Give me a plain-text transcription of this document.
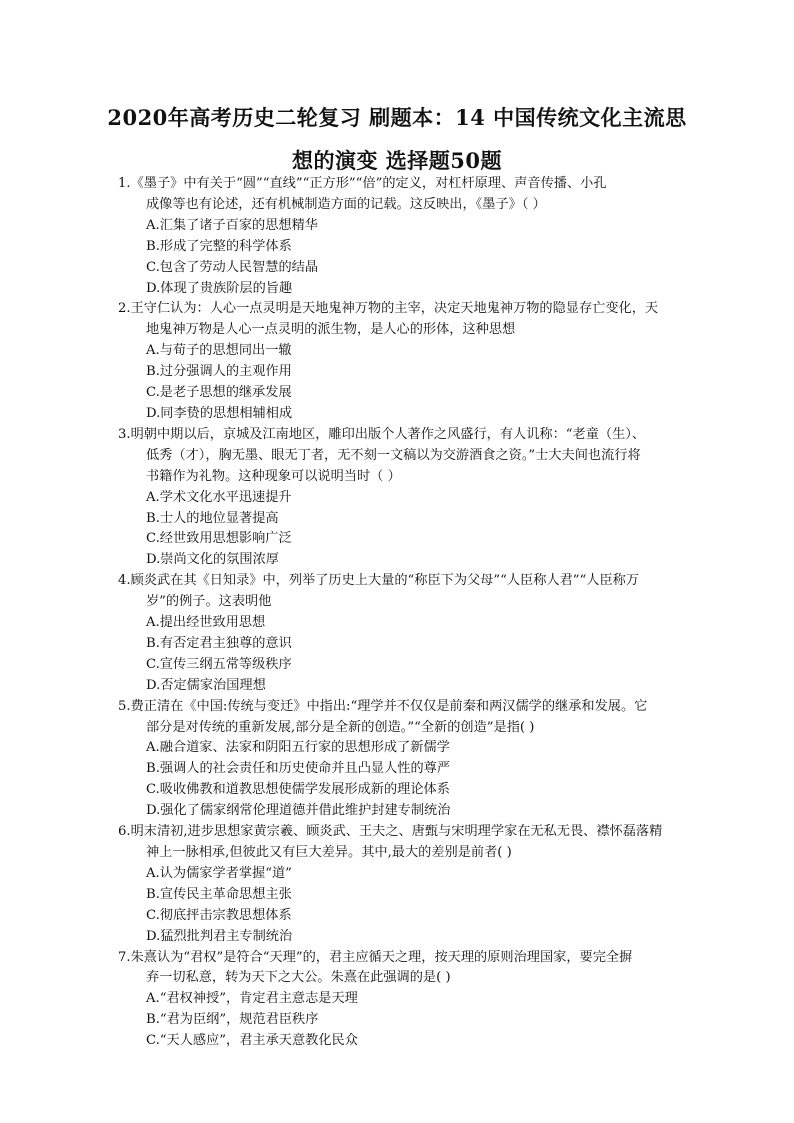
2020年高考历史二轮复习 刷题本：14 中国传统文化主流思
想的演变 选择题50题
1.《墨子》中有关于“圆”“直线”“正方形”“倍”的定义，对杠杆原理、声音传播、小孔
成像等也有论述，还有机械制造方面的记载。这反映出，《墨子》（ ）
A.汇集了诸子百家的思想精华
B.形成了完整的科学体系
C.包含了劳动人民智慧的结晶
D.体现了贵族阶层的旨趣
2.王守仁认为：人心一点灵明是天地鬼神万物的主宰，决定天地鬼神万物的隐显存亡变化，天
地鬼神万物是人心一点灵明的派生物，是人心的形体，这种思想
A.与荀子的思想同出一辙
B.过分强调人的主观作用
C.是老子思想的继承发展
D.同李贽的思想相辅相成
3.明朝中期以后，京城及江南地区，雕印出版个人著作之风盛行，有人讥称：“老童（生）、
低秀（才），胸无墨、眼无丁者，无不刻一文稿以为交游酒食之资。”士大夫间也流行将
书籍作为礼物。这种现象可以说明当时（ ）
A.学术文化水平迅速提升
B.士人的地位显著提高
C.经世致用思想影响广泛
D.崇尚文化的氛围浓厚
4.顾炎武在其《日知录》中，列举了历史上大量的“称臣下为父母”“人臣称人君”“人臣称万
岁”的例子。这表明他
A.提出经世致用思想
B.有否定君主独尊的意识
C.宣传三纲五常等级秩序
D.否定儒家治国理想
5.费正清在《中国:传统与变迁》中指出:“理学并不仅仅是前秦和两汉儒学的继承和发展。它
部分是对传统的重新发展,部分是全新的创造。”“全新的创造”是指( )
A.融合道家、法家和阴阳五行家的思想形成了新儒学
B.强调人的社会责任和历史使命并且凸显人性的尊严
C.吸收佛教和道教思想使儒学发展形成新的理论体系
D.强化了儒家纲常伦理道德并借此维护封建专制统治
6.明末清初,进步思想家黄宗羲、顾炎武、王夫之、唐甄与宋明理学家在无私无畏、襟怀磊落精
神上一脉相承,但彼此又有巨大差异。其中,最大的差别是前者( )
A.认为儒家学者掌握“道”
B.宣传民主革命思想主张
C.彻底抨击宗教思想体系
D.猛烈批判君主专制统治
7.朱熹认为“君权”是符合“天理”的，君主应循天之理，按天理的原则治理国家，要完全摒
弃一切私意，转为天下之大公。朱熹在此强调的是( )
A.“君权神授”，肯定君主意志是天理
B.“君为臣纲”，规范君臣秩序
C.“天人感应”，君主承天意教化民众
